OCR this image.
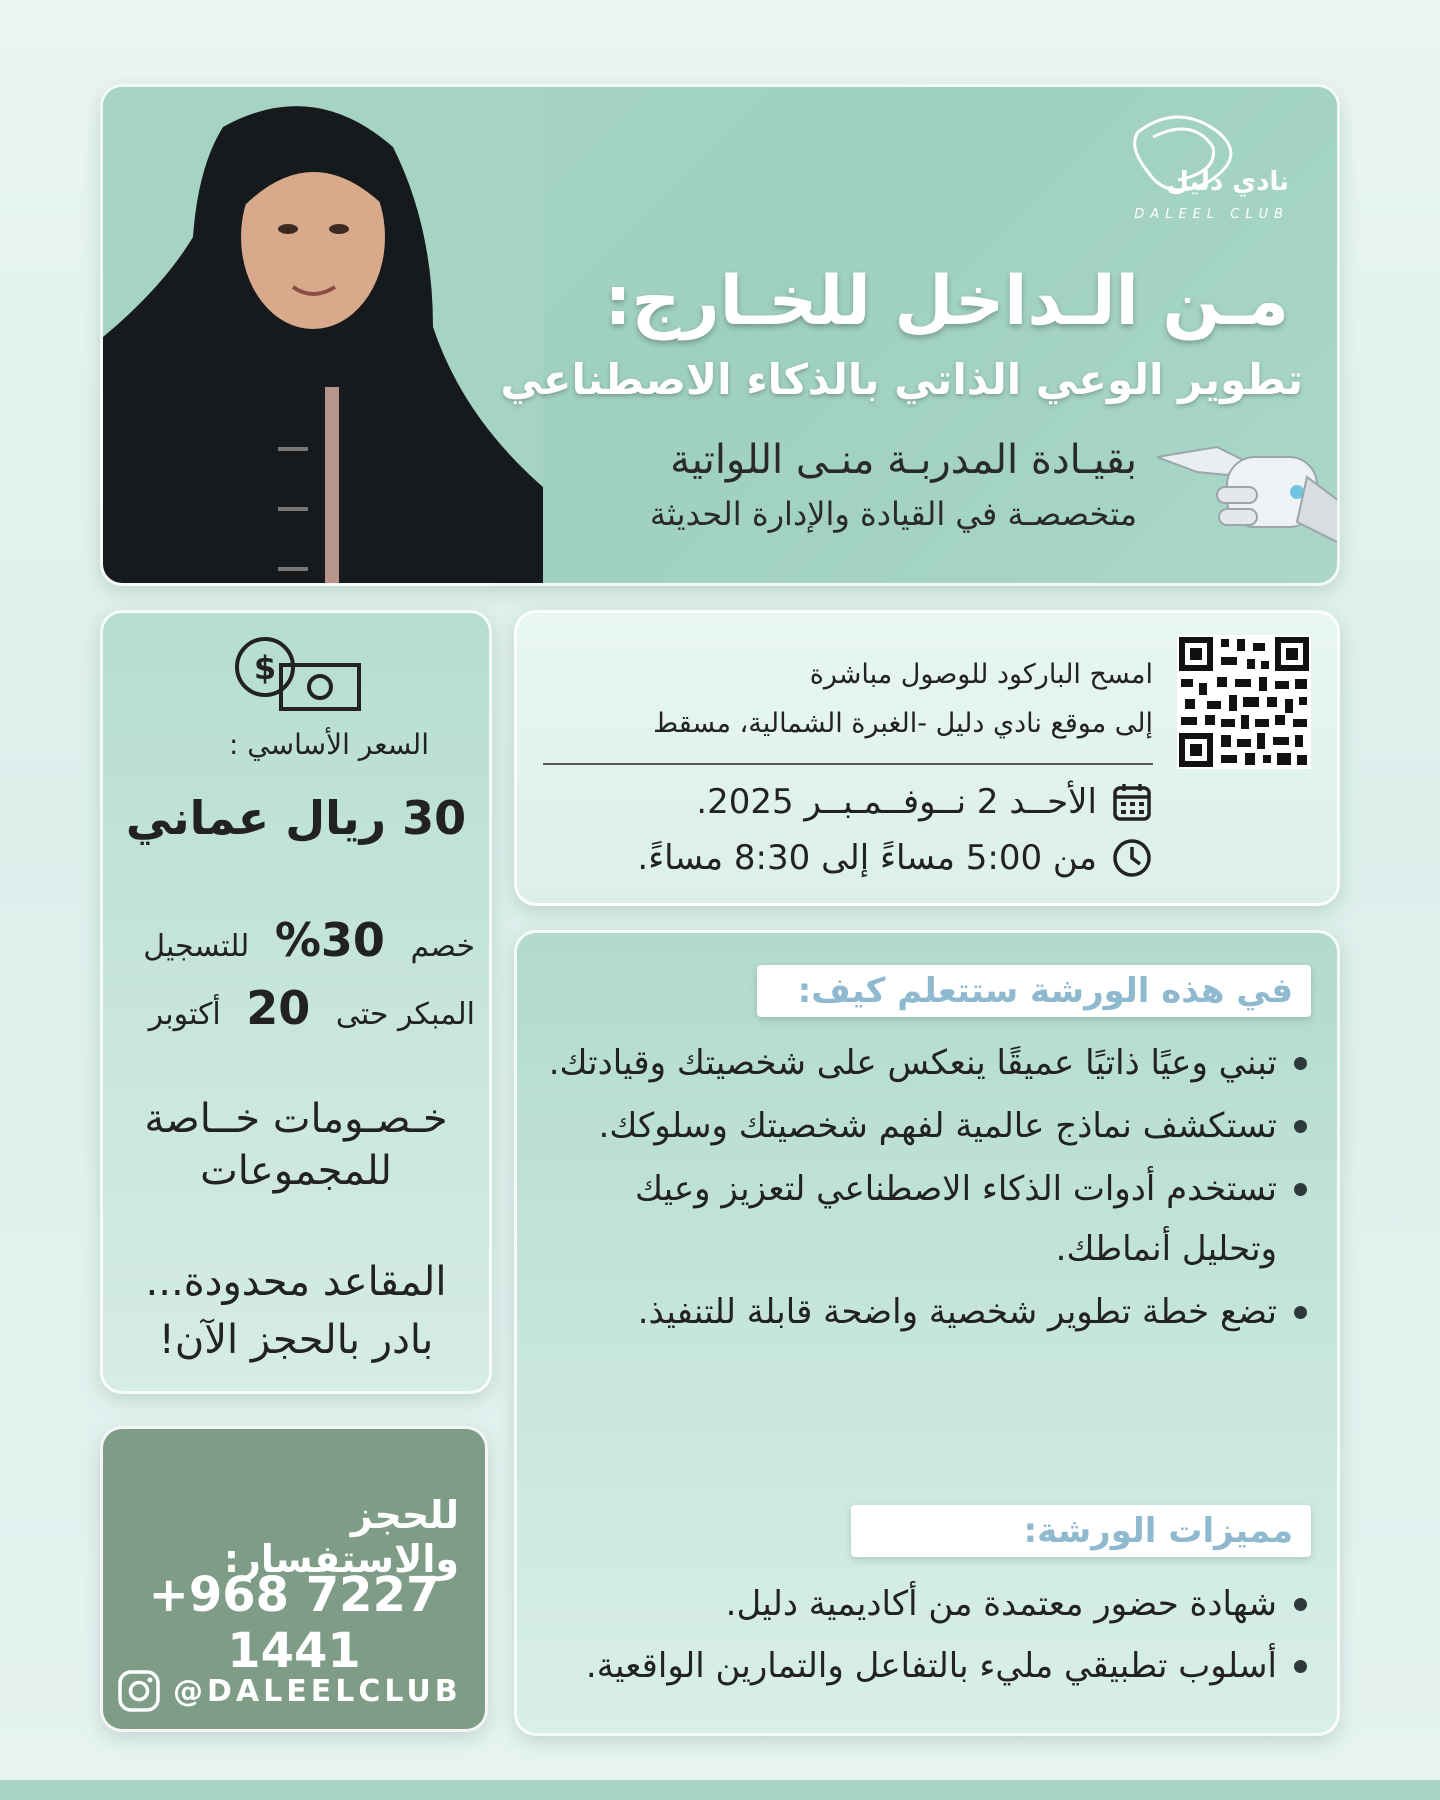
نادي دليل
DALEEL CLUB
مـن الـداخل للخـارج:
تطوير الوعي الذاتي بالذكاء الاصطناعي
بقيـادة المدربـة منـى اللواتية
متخصصـة في القيادة والإدارة الحديثة
$
السعر الأساسي :
30 ريال عماني
خصم 30% للتسجيل
المبكر حتى 20 أكتوبر
خـصـومات خــاصة
للمجموعات
المقاعد محدودة...
بادر بالحجز الآن!
للحجز والاستفسار:
+968 7227 1441
@DALEELCLUB
امسح الباركود للوصول مباشرة
إلى موقع نادي دليل -الغبرة الشمالية، مسقط
الأحــد 2 نــوفــمـبــر 2025.
من 5:00 مساءً إلى 8:30 مساءً.
في هذه الورشة ستتعلم كيف:
تبني وعيًا ذاتيًا عميقًا ينعكس على شخصيتك وقيادتك.
تستكشف نماذج عالمية لفهم شخصيتك وسلوكك.
تستخدم أدوات الذكاء الاصطناعي لتعزيز وعيك وتحليل أنماطك.
تضع خطة تطوير شخصية واضحة قابلة للتنفيذ.
مميزات الورشة:
شهادة حضور معتمدة من أكاديمية دليل.
أسلوب تطبيقي مليء بالتفاعل والتمارين الواقعية.
